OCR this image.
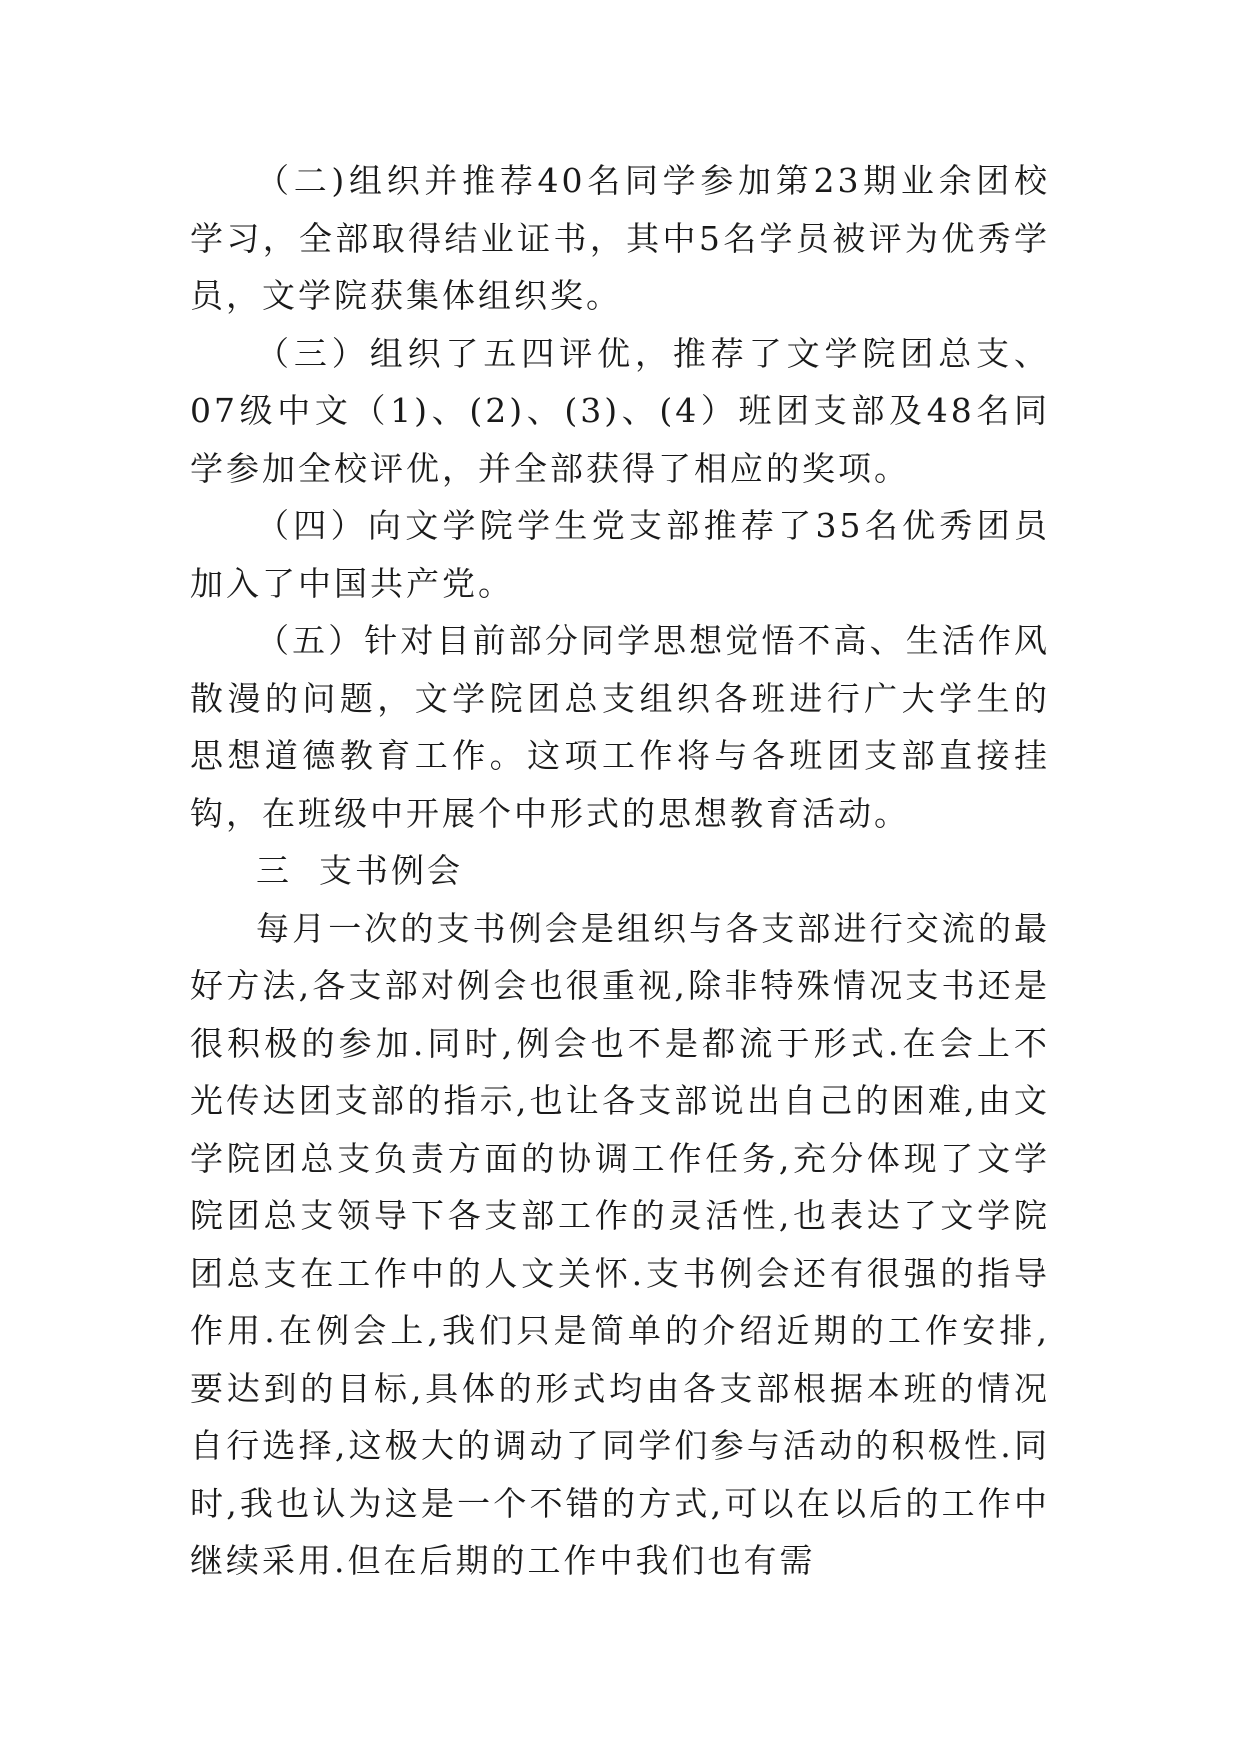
（二)组织并推荐40名同学参加第23期业余团校学习，全部取得结业证书，其中5名学员被评为优秀学员，文学院获集体组织奖。

（三）组织了五四评优，推荐了文学院团总支、07级中文（1)、(2)、(3)、(4）班团支部及48名同学参加全校评优，并全部获得了相应的奖项。

（四）向文学院学生党支部推荐了35名优秀团员加入了中国共产党。

（五）针对目前部分同学思想觉悟不高、生活作风散漫的问题，文学院团总支组织各班进行广大学生的思想道德教育工作。这项工作将与各班团支部直接挂钩，在班级中开展个中形式的思想教育活动。

三  支书例会

每月一次的支书例会是组织与各支部进行交流的最好方法,各支部对例会也很重视,除非特殊情况支书还是很积极的参加.同时,例会也不是都流于形式.在会上不光传达团支部的指示,也让各支部说出自己的困难,由文学院团总支负责方面的协调工作任务,充分体现了文学院团总支领导下各支部工作的灵活性,也表达了文学院团总支在工作中的人文关怀.支书例会还有很强的指导作用.在例会上,我们只是简单的介绍近期的工作安排,要达到的目标,具体的形式均由各支部根据本班的情况自行选择,这极大的调动了同学们参与活动的积极性.同时,我也认为这是一个不错的方式,可以在以后的工作中继续采用.但在后期的工作中我们也有需
